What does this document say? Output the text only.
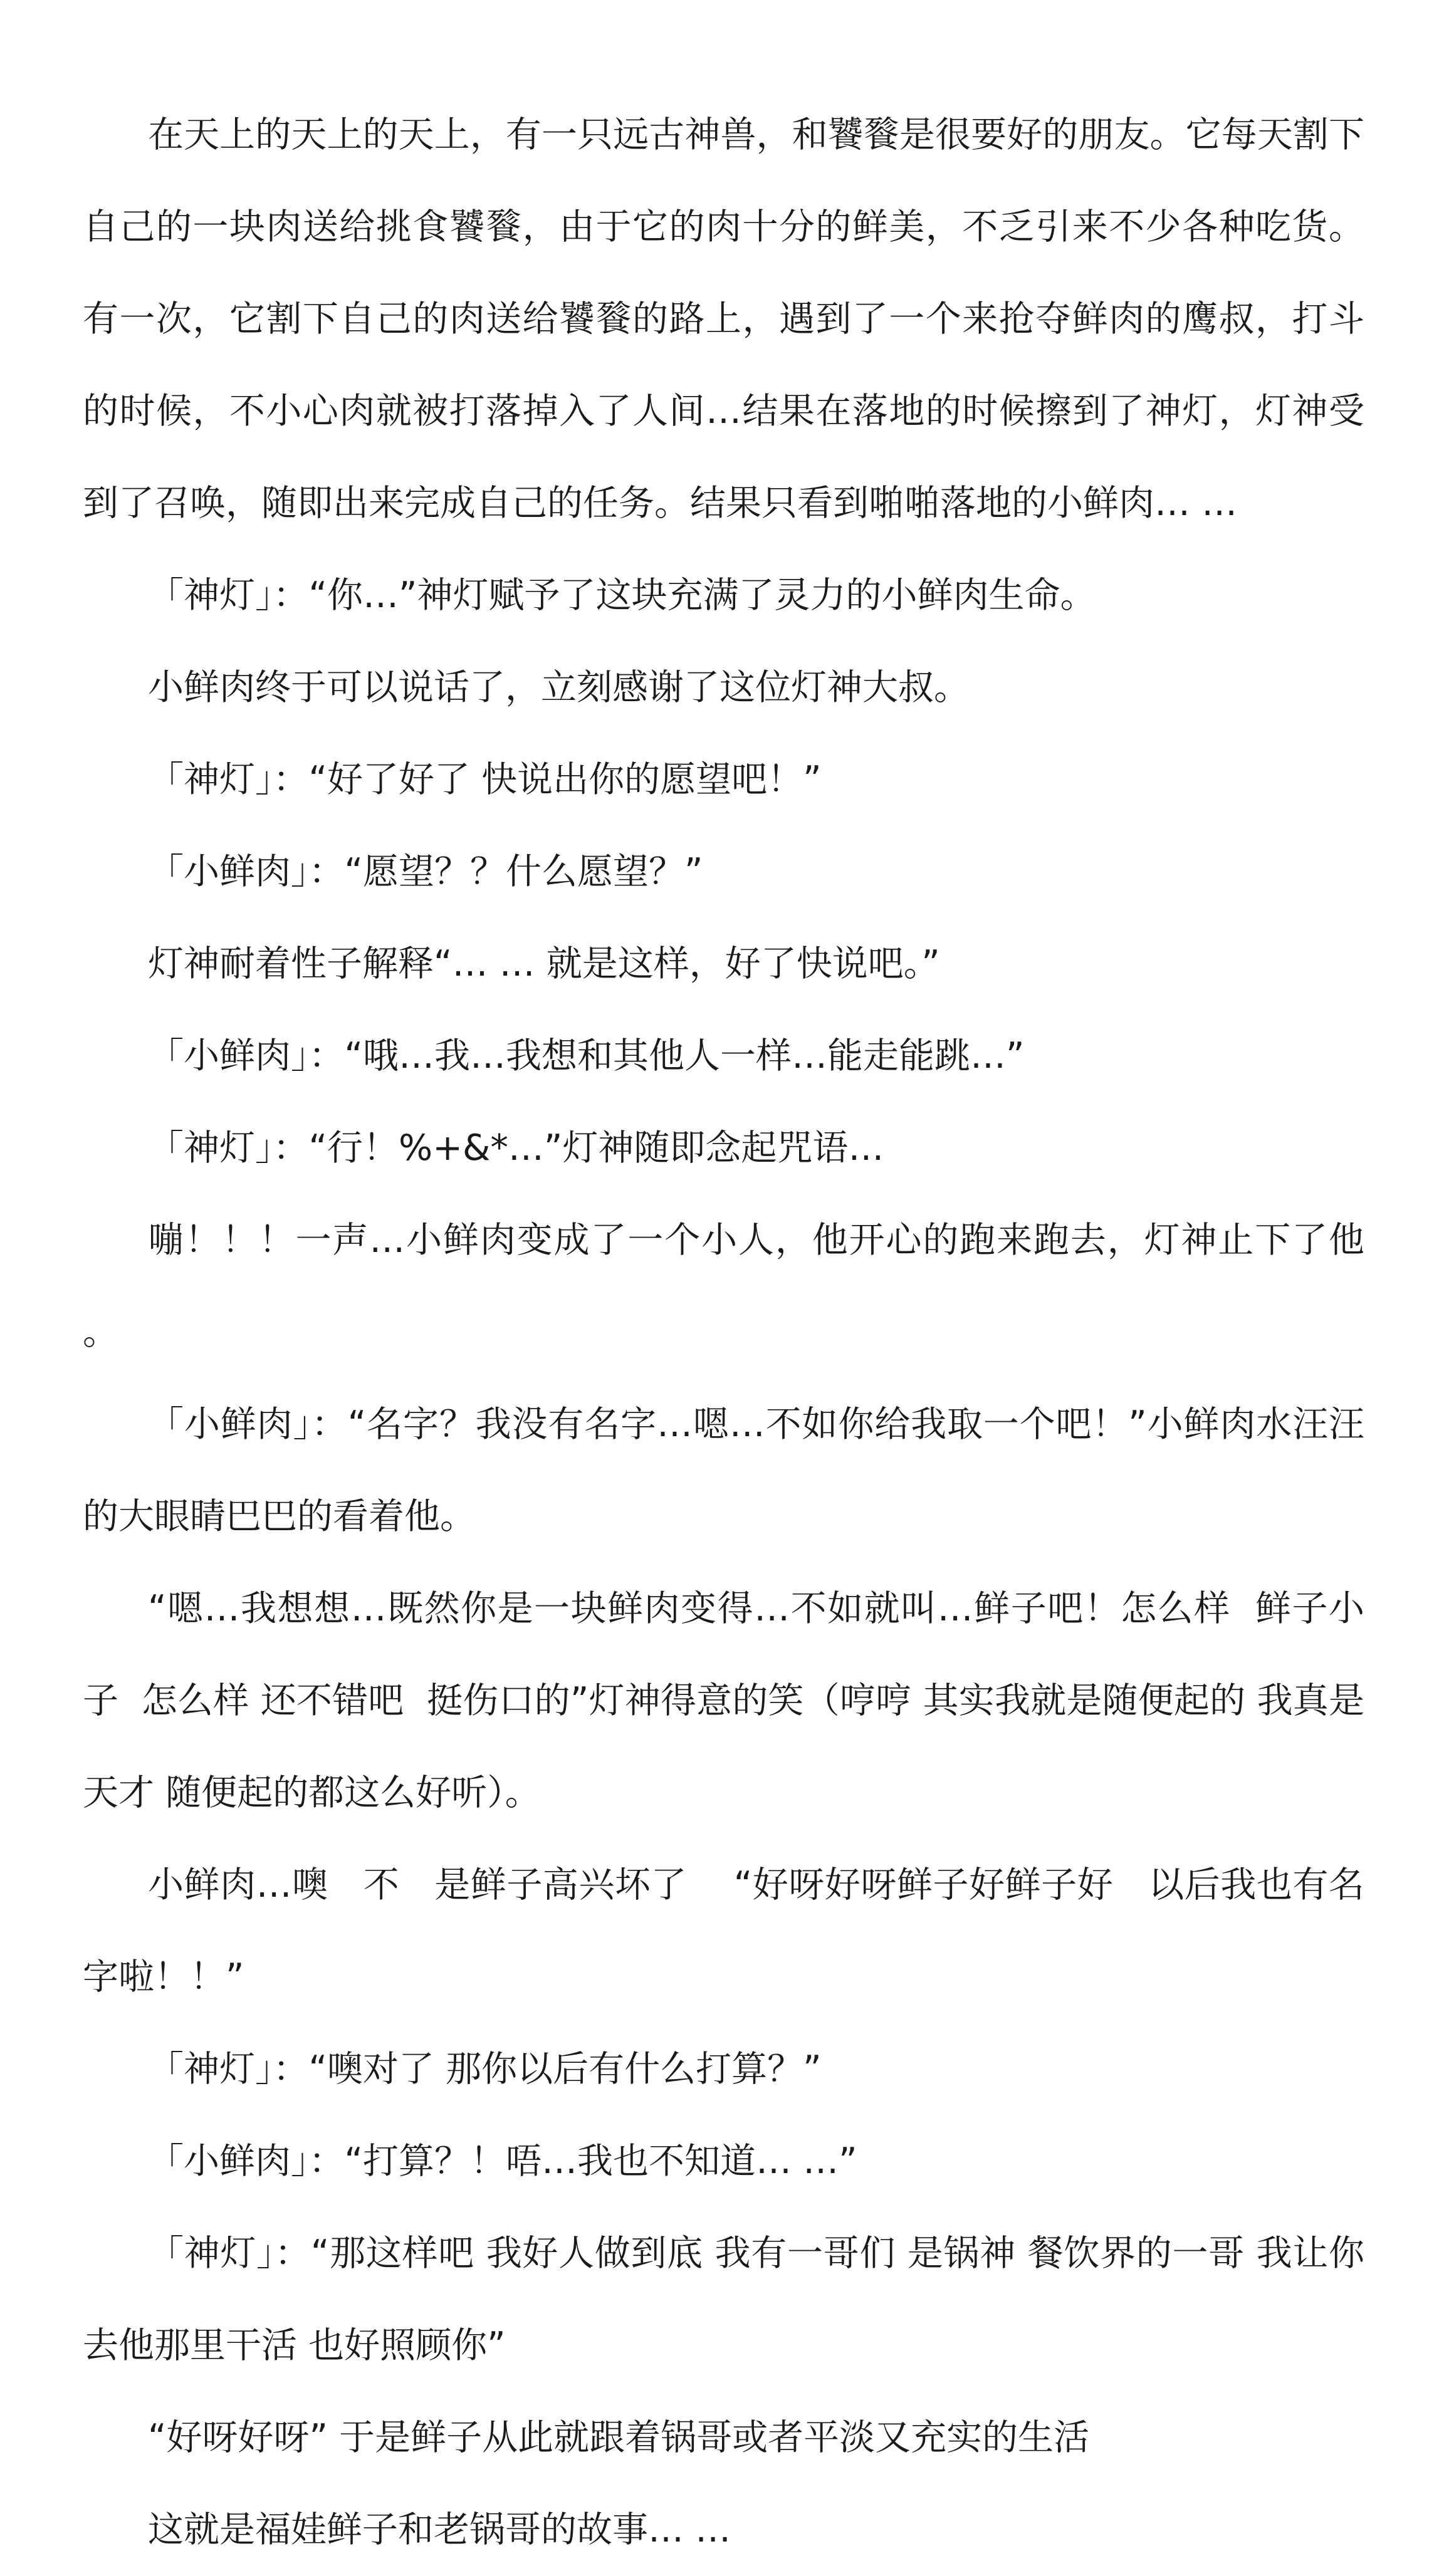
在天上的天上的天上，有一只远古神兽，和饕餮是很要好的朋友。它每天割下自己的一块肉送给挑食饕餮，由于它的肉十分的鲜美，不乏引来不少各种吃货。有一次，它割下自己的肉送给饕餮的路上，遇到了一个来抢夺鲜肉的鹰叔，打斗的时候，不小心肉就被打落掉入了人间…结果在落地的时候擦到了神灯，灯神受到了召唤，随即出来完成自己的任务。结果只看到啪啪落地的小鲜肉… …

「神灯」：“你…”神灯赋予了这块充满了灵力的小鲜肉生命。

小鲜肉终于可以说话了，立刻感谢了这位灯神大叔。

「神灯」：“好了好了 快说出你的愿望吧！”

「小鲜肉」：“愿望？？什么愿望？”

灯神耐着性子解释“… … 就是这样，好了快说吧。”

「小鲜肉」：“哦…我…我想和其他人一样…能走能跳…”

「神灯」：“行！%+&*…”灯神随即念起咒语…

嘣！！！一声…小鲜肉变成了一个小人，他开心的跑来跑去，灯神止下了他 。

「小鲜肉」：“名字？我没有名字…嗯…不如你给我取一个吧！”小鲜肉水汪汪的大眼睛巴巴的看着他。

“嗯…我想想…既然你是一块鲜肉变得…不如就叫…鲜子吧！怎么样  鲜子小子  怎么样 还不错吧  挺伤口的”灯神得意的笑（哼哼 其实我就是随便起的 我真是天才 随便起的都这么好听）。

小鲜肉…噢   不   是鲜子高兴坏了    “好呀好呀鲜子好鲜子好   以后我也有名字啦！！”

「神灯」：“噢对了 那你以后有什么打算？”

「小鲜肉」：“打算？！唔…我也不知道… …”

「神灯」：“那这样吧 我好人做到底 我有一哥们 是锅神 餐饮界的一哥 我让你去他那里干活 也好照顾你”

“好呀好呀” 于是鲜子从此就跟着锅哥或者平淡又充实的生活

这就是福娃鲜子和老锅哥的故事… …
